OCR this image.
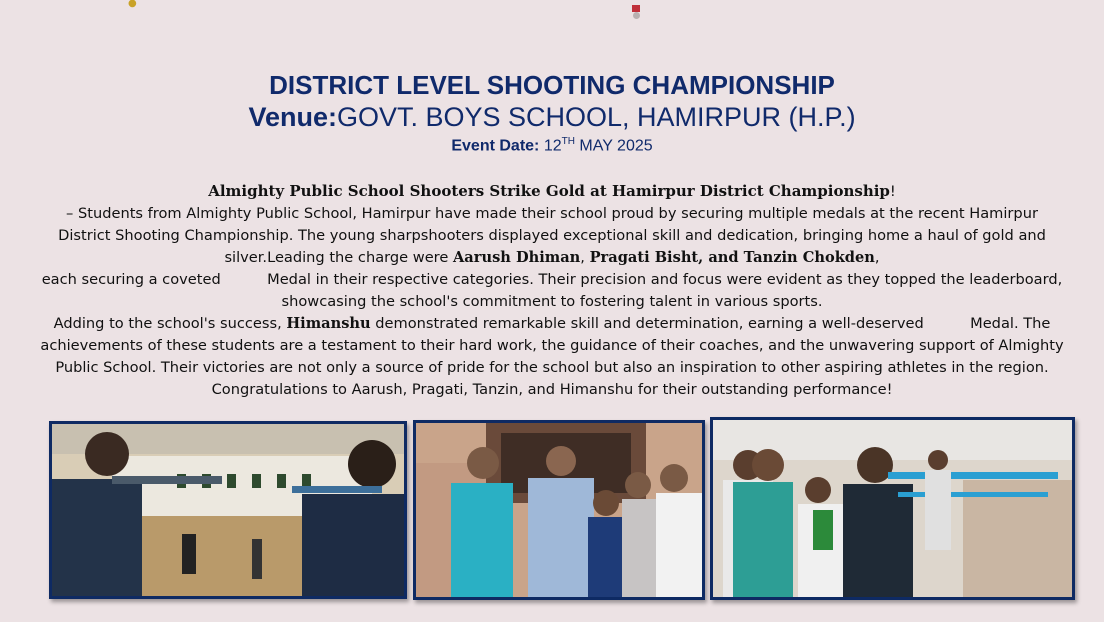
●
DISTRICT LEVEL SHOOTING CHAMPIONSHIP
Venue:GOVT. BOYS SCHOOL, HAMIRPUR (H.P.)
Event Date: 12TH MAY 2025
Almighty Public School Shooters Strike Gold at Hamirpur District Championship!
– Students from Almighty Public School, Hamirpur have made their school proud by securing multiple medals at the recent Hamirpur District Shooting Championship. The young sharpshooters displayed exceptional skill and dedication, bringing home a haul of gold and silver.Leading the charge were Aarush Dhiman, Pragati Bisht, and Tanzin Chokden,
each securing a coveted	Medal in their respective categories. Their precision and focus were evident as they topped the leaderboard, showcasing the school's commitment to fostering talent in various sports.
Adding to the school's success, Himanshu demonstrated remarkable skill and determination, earning a well-deserved	Medal. The achievements of these students are a testament to their hard work, the guidance of their coaches, and the unwavering support of Almighty Public School. Their victories are not only a source of pride for the school but also an inspiration to other aspiring athletes in the region. Congratulations to Aarush, Pragati, Tanzin, and Himanshu for their outstanding performance!
